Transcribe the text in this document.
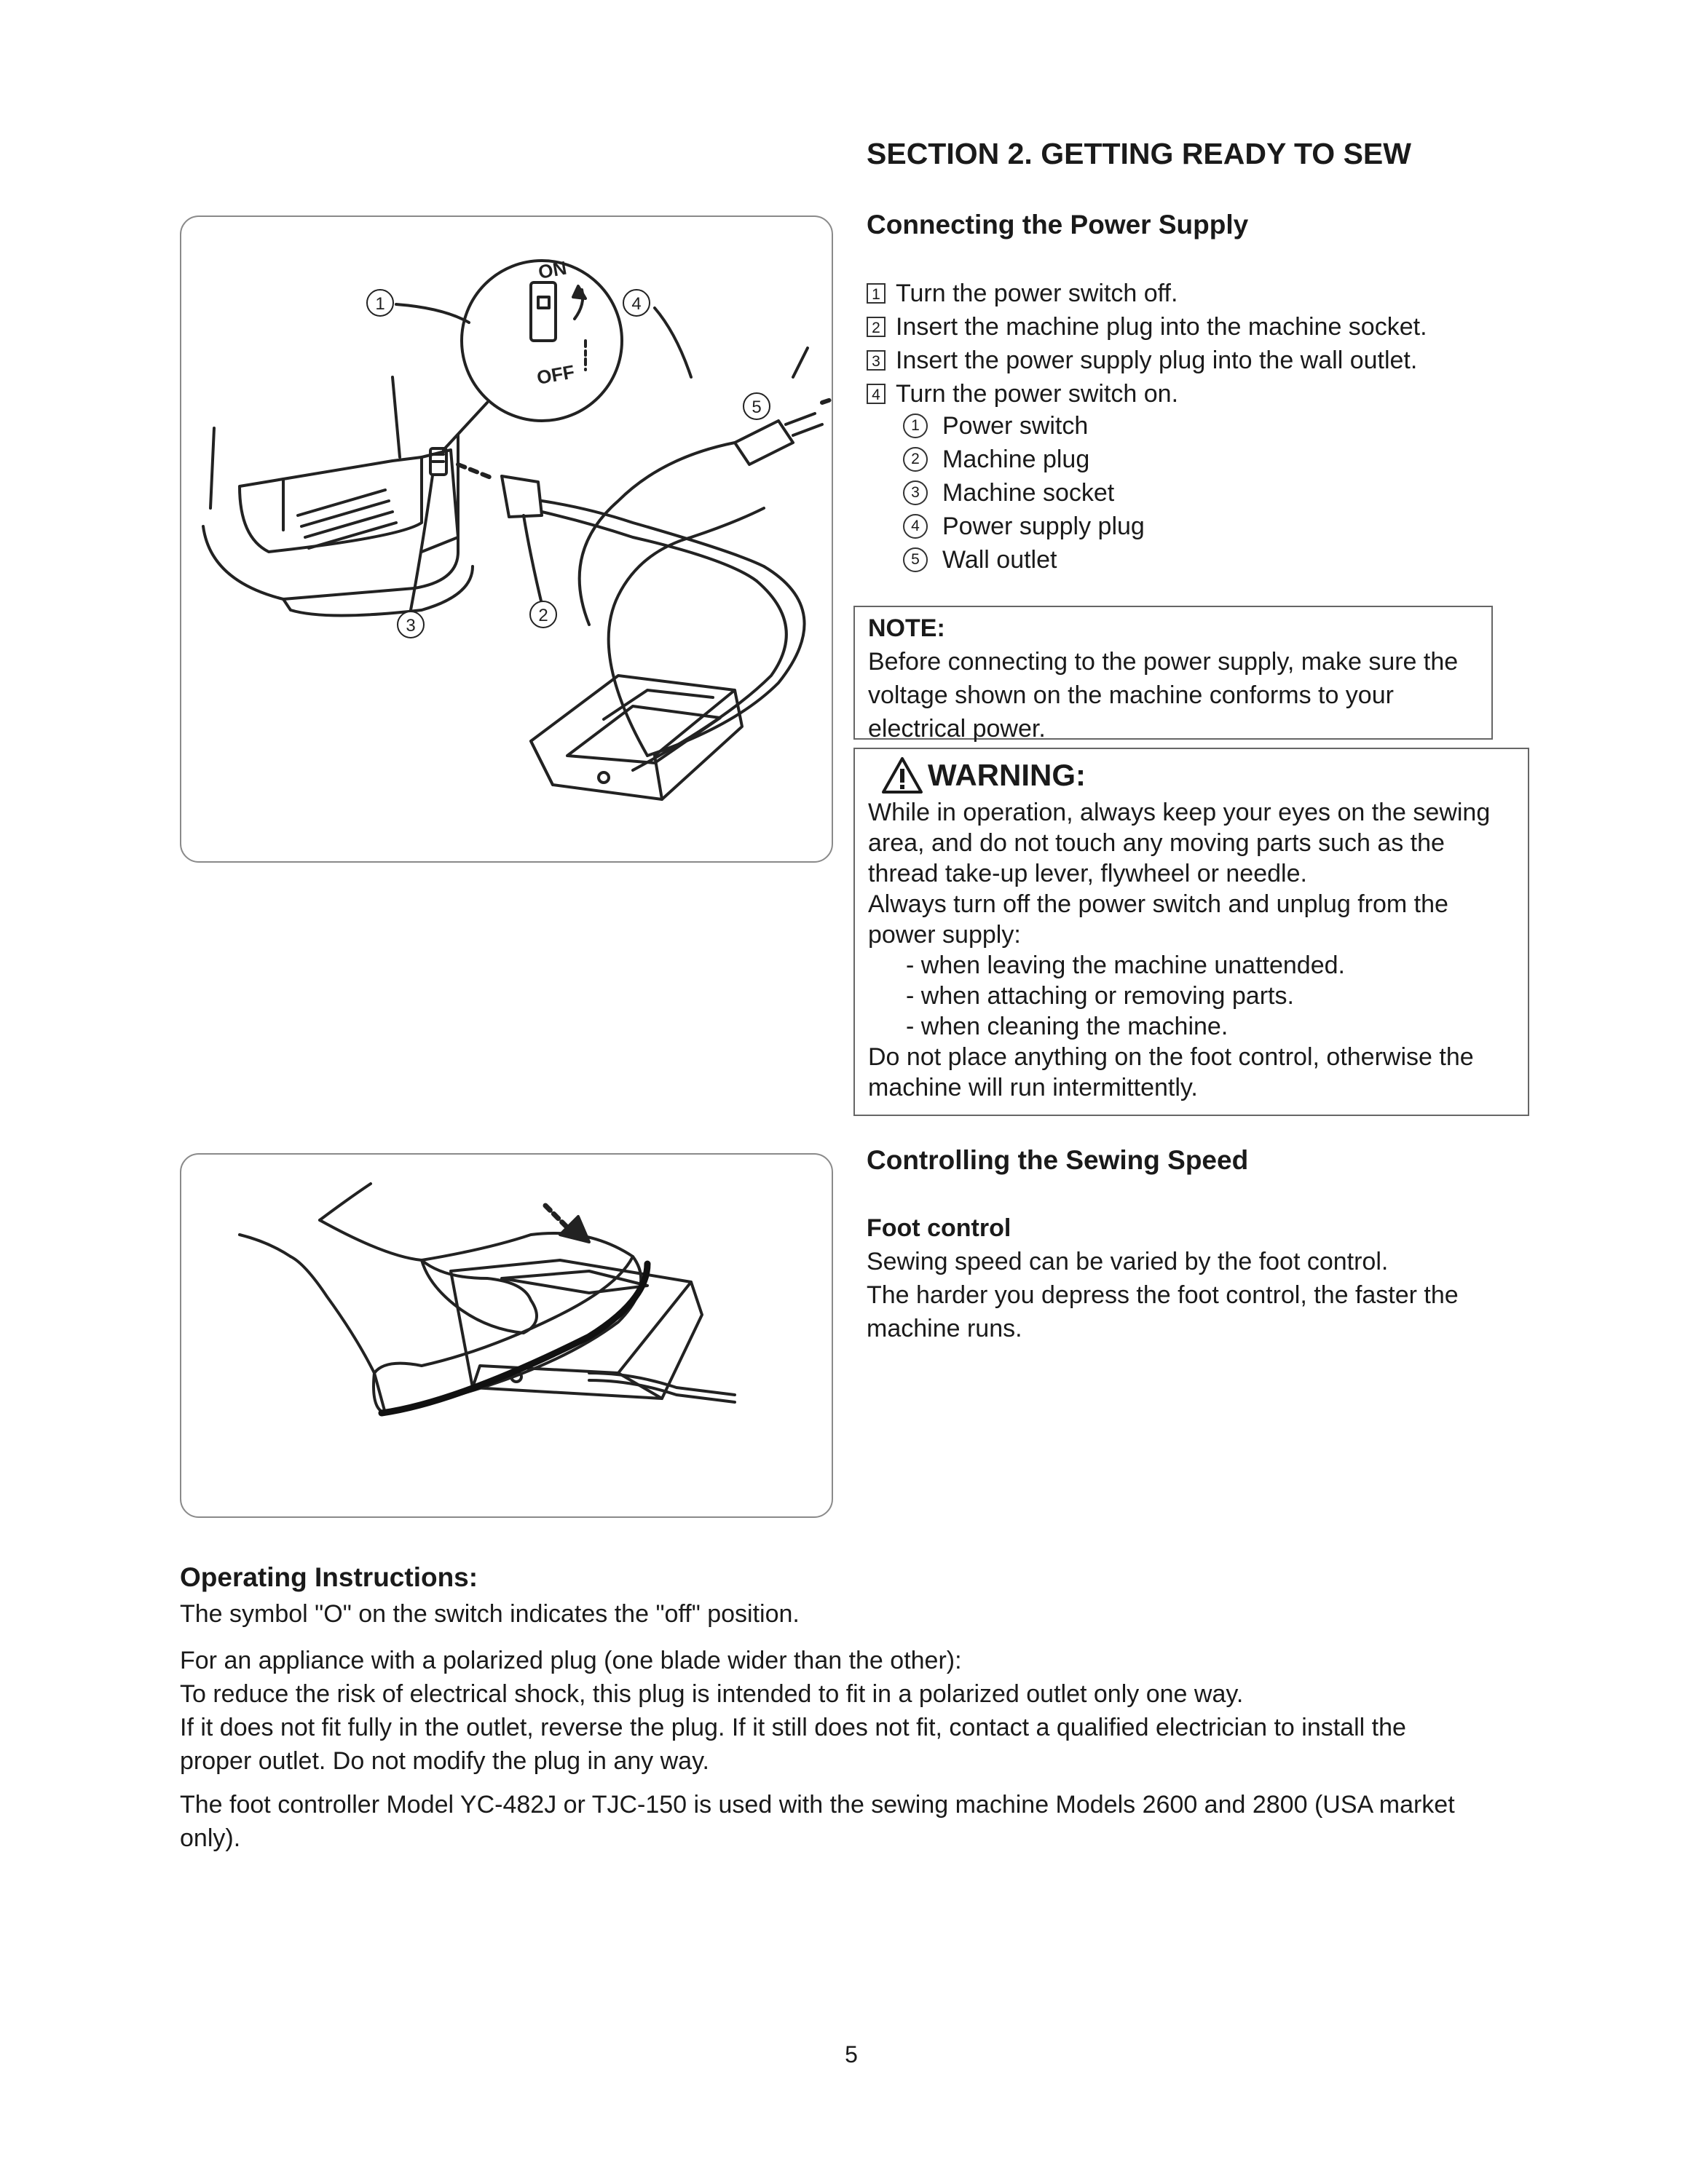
SECTION 2. GETTING READY TO SEW
ON
OFF
1
2
3
4
5
Connecting the Power Supply
1 Turn the power switch off.
2 Insert the machine plug into the machine socket.
3 Insert the power supply plug into the wall outlet.
4 Turn the power switch on.
1 Power switch
2 Machine plug
3 Machine socket
4 Power supply plug
5 Wall outlet
NOTE:
Before connecting to the power supply, make sure the
voltage shown on the machine conforms to your
electrical power.
WARNING:
While in operation, always keep your eyes on the sewing
area, and do not touch any moving parts such as the
thread take-up lever, flywheel or needle.
Always turn off the power switch and unplug from the
power supply:
- when leaving the machine unattended.
- when attaching or removing parts.
- when cleaning the machine.
Do not place anything on the foot control, otherwise the
machine will run intermittently.
Controlling the Sewing Speed
Foot control
Sewing speed can be varied by the foot control.
The harder you depress the foot control, the faster the
machine runs.
Operating Instructions:
The symbol "O" on the switch indicates the "off" position.
For an appliance with a polarized plug (one blade wider than the other):
To reduce the risk of electrical shock, this plug is intended to fit in a polarized outlet only one way.
If it does not fit fully in the outlet, reverse the plug. If it still does not fit, contact a qualified electrician to install the
proper outlet. Do not modify the plug in any way.
The foot controller Model YC-482J or TJC-150 is used with the sewing machine Models 2600 and 2800 (USA market
only).
5
